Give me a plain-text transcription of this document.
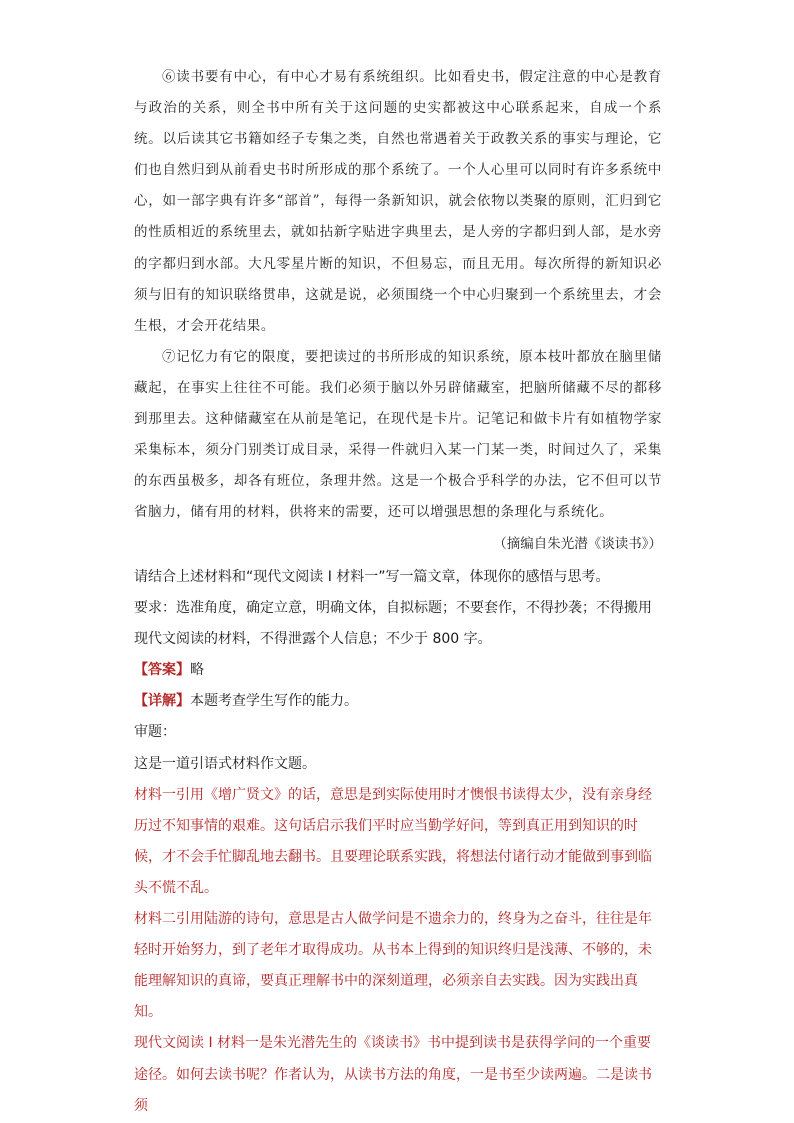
⑥读书要有中心，有中心才易有系统组织。比如看史书，假定注意的中心是教育与政治的关系，则全书中所有关于这问题的史实都被这中心联系起来，自成一个系统。以后读其它书籍如经子专集之类，自然也常遇着关于政教关系的事实与理论，它们也自然归到从前看史书时所形成的那个系统了。一个人心里可以同时有许多系统中心，如一部字典有许多“部首”，每得一条新知识，就会依物以类聚的原则，汇归到它的性质相近的系统里去，就如拈新字贴进字典里去，是人旁的字都归到人部，是水旁的字都归到水部。大凡零星片断的知识，不但易忘，而且无用。每次所得的新知识必须与旧有的知识联络贯串，这就是说，必须围绕一个中心归聚到一个系统里去，才会生根，才会开花结果。

⑦记忆力有它的限度，要把读过的书所形成的知识系统，原本枝叶都放在脑里储藏起，在事实上往往不可能。我们必须于脑以外另辟储藏室，把脑所储藏不尽的都移到那里去。这种储藏室在从前是笔记，在现代是卡片。记笔记和做卡片有如植物学家采集标本，须分门别类订成目录，采得一件就归入某一门某一类，时间过久了，采集的东西虽极多，却各有班位，条理井然。这是一个极合乎科学的办法，它不但可以节省脑力，储有用的材料，供将来的需要，还可以增强思想的条理化与系统化。

（摘编自朱光潜《谈读书》）

请结合上述材料和“现代文阅读 I 材料一”写一篇文章，体现你的感悟与思考。

要求：选准角度，确定立意，明确文体，自拟标题；不要套作，不得抄袭；不得搬用现代文阅读的材料，不得泄露个人信息；不少于 800 字。

【答案】略

【详解】本题考查学生写作的能力。

审题：

这是一道引语式材料作文题。

材料一引用《增广贤文》的话，意思是到实际使用时才懊恨书读得太少，没有亲身经历过不知事情的艰难。这句话启示我们平时应当勤学好问，等到真正用到知识的时候，才不会手忙脚乱地去翻书。且要理论联系实践，将想法付诸行动才能做到事到临头不慌不乱。

材料二引用陆游的诗句，意思是古人做学问是不遗余力的，终身为之奋斗，往往是年轻时开始努力，到了老年才取得成功。从书本上得到的知识终归是浅薄、不够的，未能理解知识的真谛，要真正理解书中的深刻道理，必须亲自去实践。因为实践出真知。

现代文阅读 I 材料一是朱光潜先生的《谈读书》书中提到读书是获得学问的一个重要途径。如何去读书呢？作者认为，从读书方法的角度，一是书至少读两遍。二是读书须
